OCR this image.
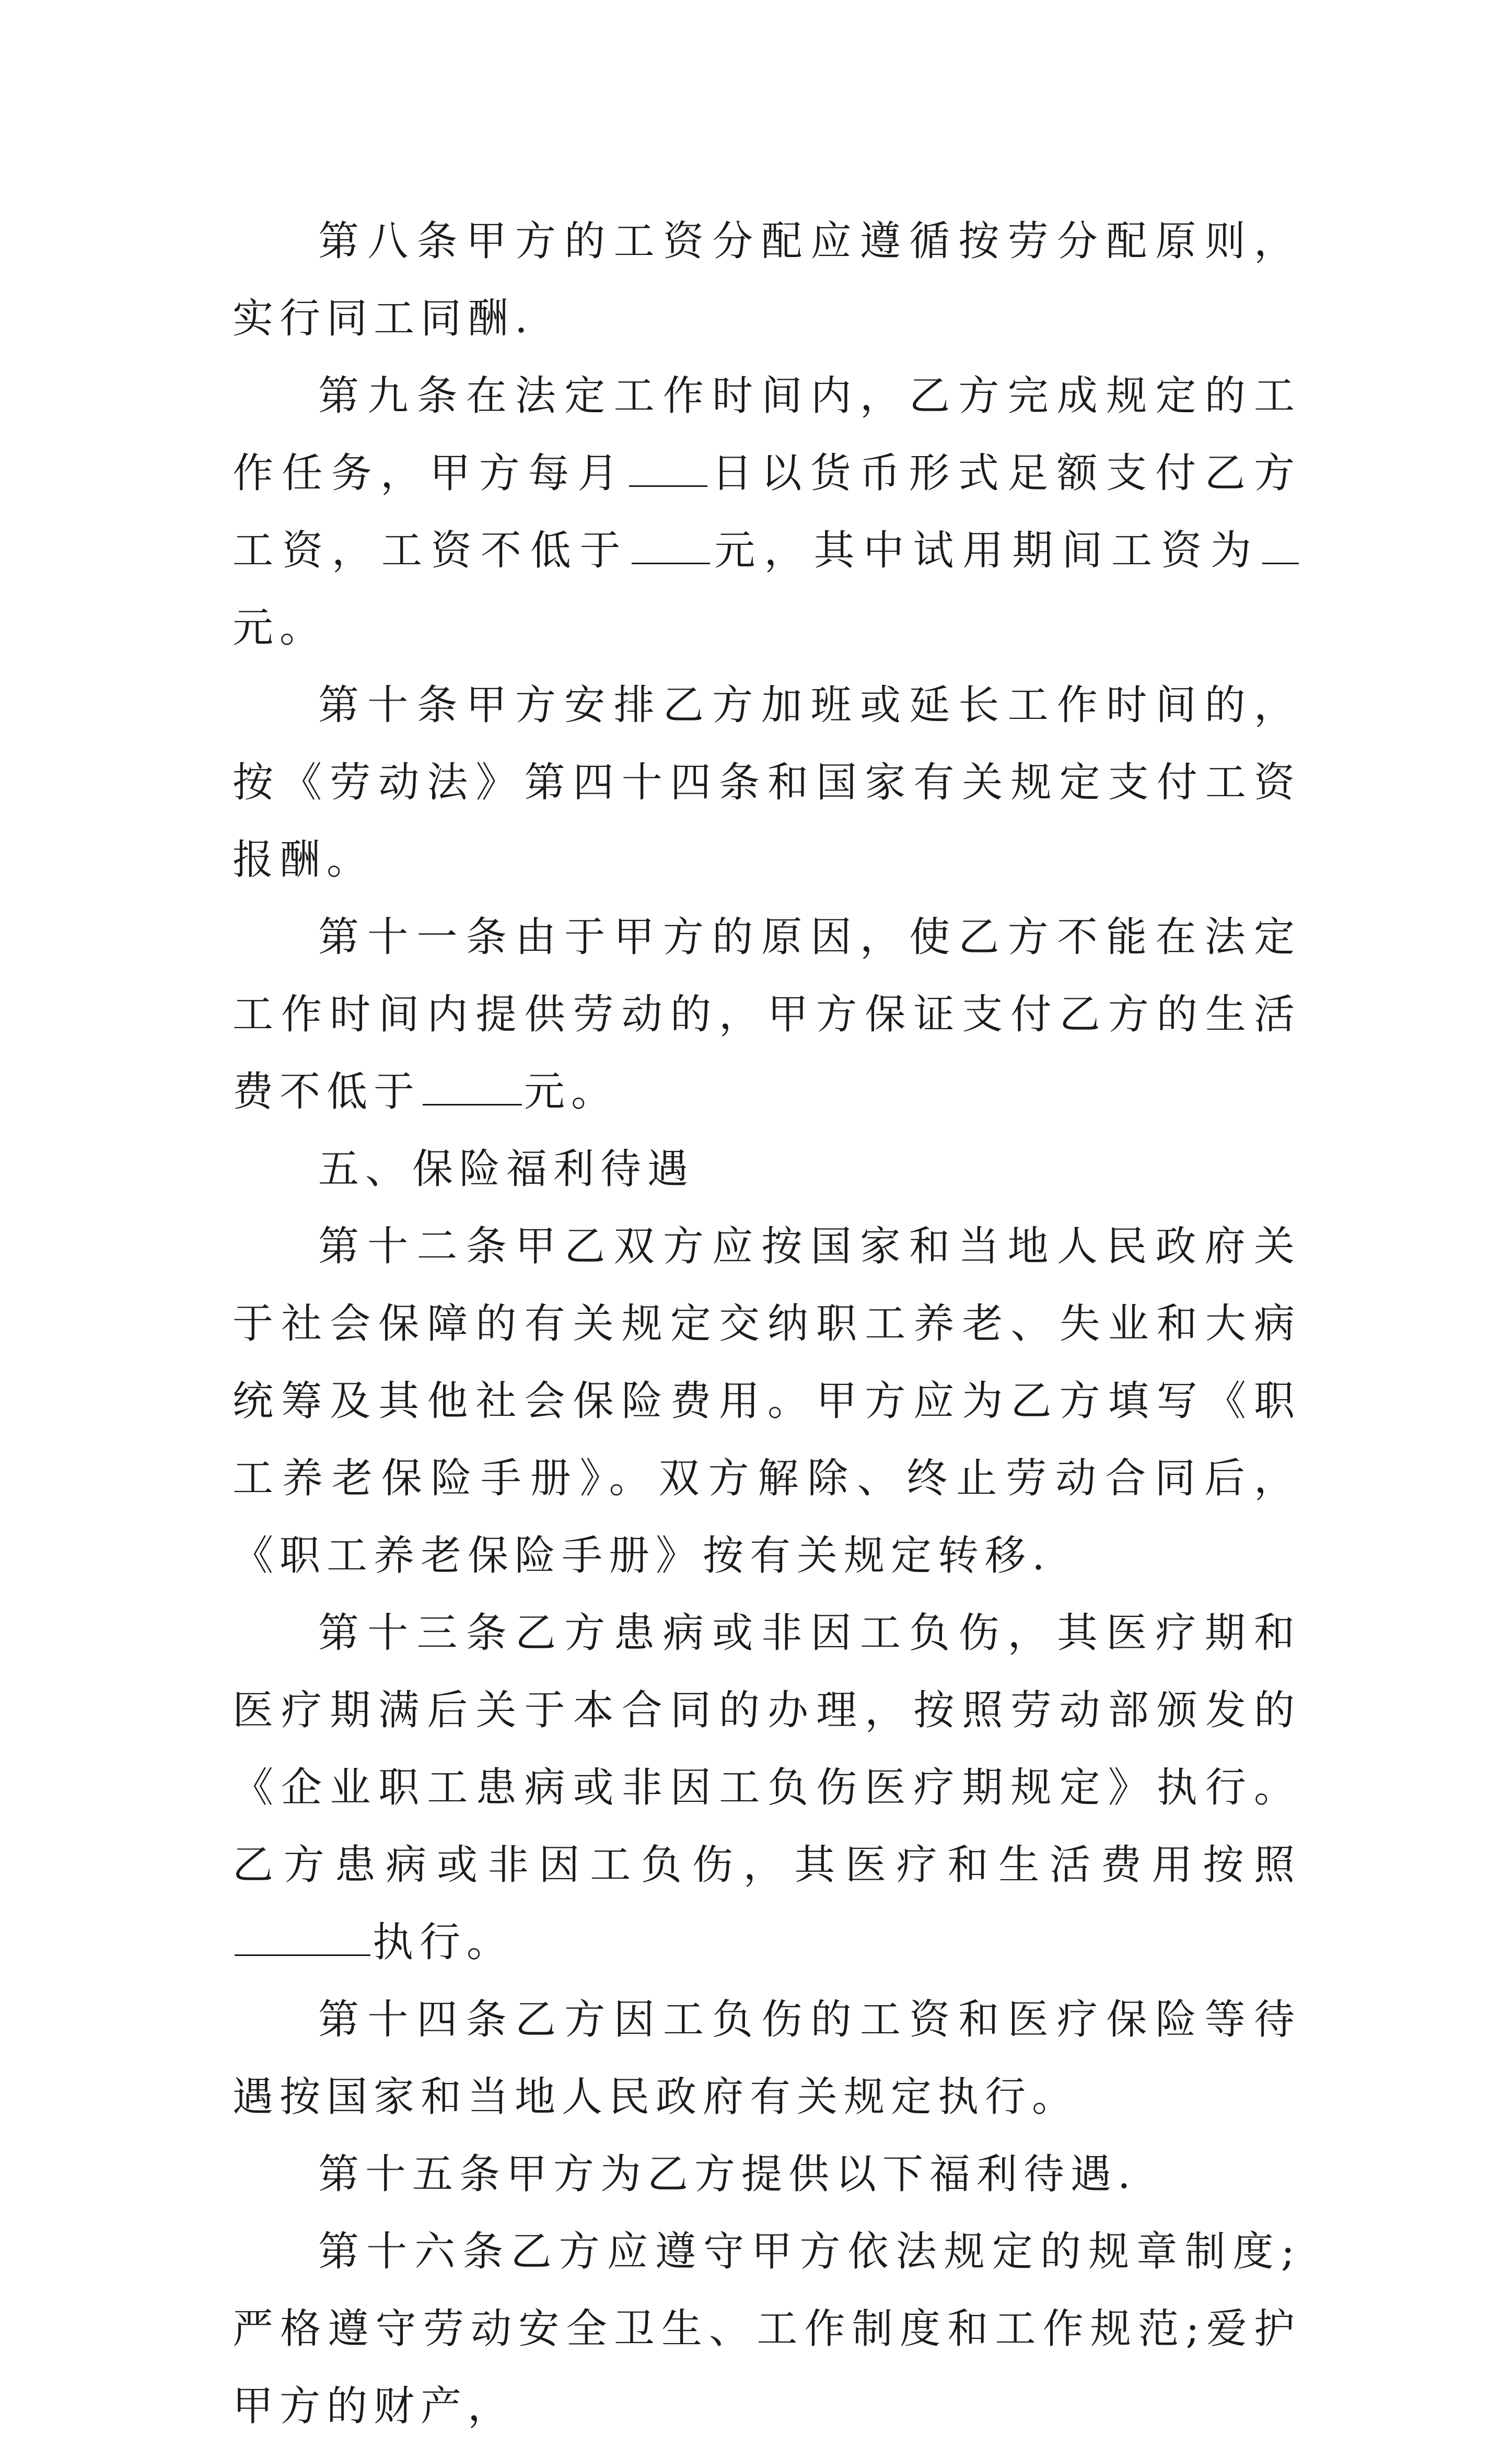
第八条甲方的工资分配应遵循按劳分配原则，实行同工同酬.

第九条在法定工作时间内，乙方完成规定的工作任务，甲方每月 日以货币形式足额支付乙方工资，工资不低于 元，其中试用期间工资为元。

第十条甲方安排乙方加班或延长工作时间的，按《劳动法》第四十四条和国家有关规定支付工资报酬。

第十一条由于甲方的原因，使乙方不能在法定工作时间内提供劳动的，甲方保证支付乙方的生活费不低于	元。

五、保险福利待遇

第十二条甲乙双方应按国家和当地人民政府关于社会保障的有关规定交纳职工养老、失业和大病统筹及其他社会保险费用。甲方应为乙方填写《职工养老保险手册》。双方解除、终止劳动合同后，《职工养老保险手册》按有关规定转移.

第十三条乙方患病或非因工负伤，其医疗期和医疗期满后关于本合同的办理，按照劳动部颁发的《企业职工患病或非因工负伤医疗期规定》执行。乙方患病或非因工负伤，其医疗和生活费用按照执行。

第十四条乙方因工负伤的工资和医疗保险等待遇按国家和当地人民政府有关规定执行。

第十五条甲方为乙方提供以下福利待遇.

第十六条乙方应遵守甲方依法规定的规章制度;严格遵守劳动安全卫生、工作制度和工作规范;爱护甲方的财产，
